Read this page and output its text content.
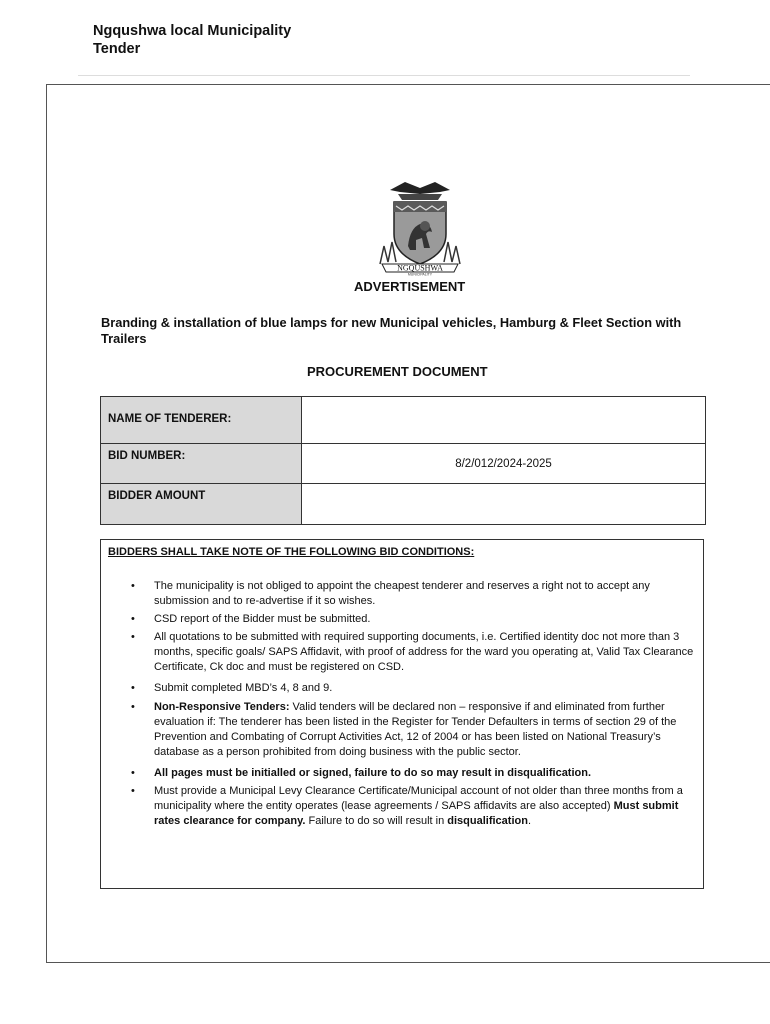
Ngqushwa local Municipality
Tender
NGQUSHWA
MUNICIPALITY
ADVERTISEMENT
Branding & installation of blue lamps for new Municipal vehicles, Hamburg & Fleet Section with Trailers
PROCUREMENT DOCUMENT
NAME OF TENDERER:	
BID NUMBER:	8/2/012/2024-2025
BIDDER AMOUNT	
BIDDERS SHALL TAKE NOTE OF THE FOLLOWING BID CONDITIONS:
• The municipality is not obliged to appoint the cheapest tenderer and reserves a right not to accept any submission and to re-advertise if it so wishes.
• CSD report of the Bidder must be submitted.
• All quotations to be submitted with required supporting documents, i.e. Certified identity doc not more than 3 months, specific goals/ SAPS Affidavit, with proof of address for the ward you operating at, Valid Tax Clearance Certificate, Ck doc and must be registered on CSD.
• Submit completed MBD’s 4, 8 and 9.
• Non-Responsive Tenders: Valid tenders will be declared non – responsive if and eliminated from further evaluation if: The tenderer has been listed in the Register for Tender Defaulters in terms of section 29 of the Prevention and Combating of Corrupt Activities Act, 12 of 2004 or has been listed on National Treasury’s database as a person prohibited from doing business with the public sector.
• All pages must be initialled or signed, failure to do so may result in disqualification.
• Must provide a Municipal Levy Clearance Certificate/Municipal account of not older than three months from a municipality where the entity operates (lease agreements / SAPS affidavits are also accepted) Must submit rates clearance for company. Failure to do so will result in disqualification.
